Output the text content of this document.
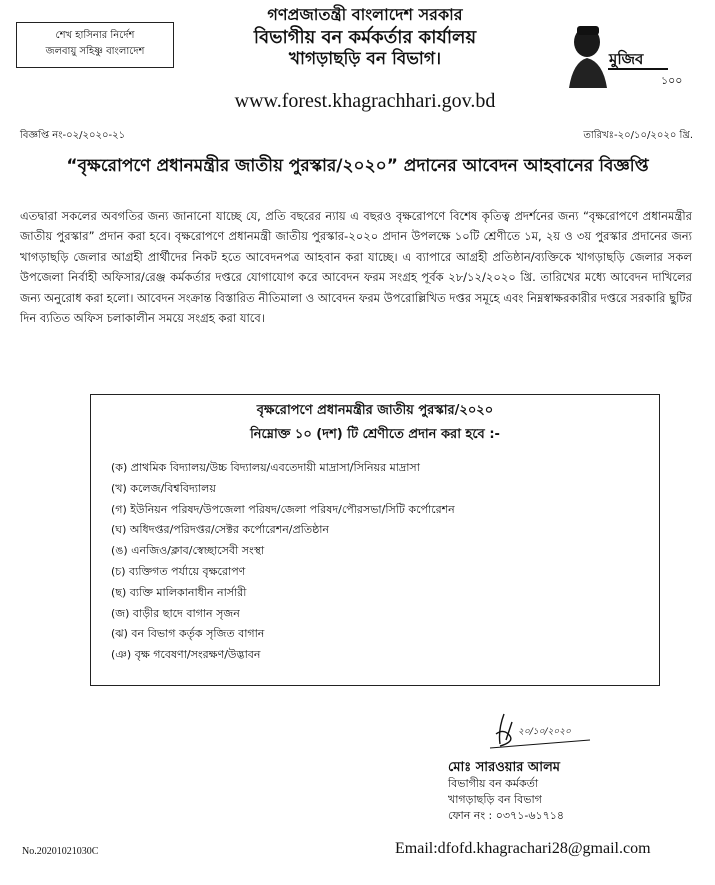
শেখ হাসিনার নির্দেশ
জলবায়ু সহিষ্ণু বাংলাদেশ
গণপ্রজাতন্ত্রী বাংলাদেশ সরকার
বিভাগীয় বন কর্মকর্তার কার্যালয়
খাগড়াছড়ি বন বিভাগ।
www.forest.khagrachhari.gov.bd
মুজিব
১০০
বিজ্ঞপ্তি নং-০২/২০২০-২১	তারিখঃ-২০/১০/২০২০ খ্রি.
“বৃক্ষরোপণে প্রধানমন্ত্রীর জাতীয় পুরস্কার/২০২০” প্রদানের আবেদন আহবানের বিজ্ঞপ্তি
এতদ্বারা সকলের অবগতির জন্য জানানো যাচ্ছে যে, প্রতি বছরের ন্যায় এ বছরও বৃক্ষরোপণে বিশেষ কৃতিত্ব প্রদর্শনের জন্য “বৃক্ষরোপণে প্রধানমন্ত্রীর জাতীয় পুরস্কার” প্রদান করা হবে। বৃক্ষরোপণে প্রধানমন্ত্রী জাতীয় পুরস্কার-২০২০ প্রদান উপলক্ষে ১০টি শ্রেণীতে ১ম, ২য় ও ৩য় পুরস্কার প্রদানের জন্য খাগড়াছড়ি জেলার আগ্রহী প্রার্থীদের নিকট হতে আবেদনপত্র আহবান করা যাচ্ছে। এ ব্যাপারে আগ্রহী প্রতিষ্ঠান/ব্যক্তিকে খাগড়াছড়ি জেলার সকল উপজেলা নির্বাহী অফিসার/রেঞ্জ কর্মকর্তার দপ্তরে যোগাযোগ করে আবেদন ফরম সংগ্রহ পূর্বক ২৮/১২/২০২০ খ্রি. তারিখের মধ্যে আবেদন দাখিলের জন্য অনুরোধ করা হলো। আবেদন সংক্রান্ত বিস্তারিত নীতিমালা ও আবেদন ফরম উপরোল্লিখিত দপ্তর সমূহে এবং নিম্নস্বাক্ষরকারীর দপ্তরে সরকারি ছুটির দিন ব্যতিত অফিস চলাকালীন সময়ে সংগ্রহ করা যাবে।
বৃক্ষরোপণে প্রধানমন্ত্রীর জাতীয় পুরস্কার/২০২০
নিম্নোক্ত ১০ (দশ) টি শ্রেণীতে প্রদান করা হবে :-
(ক) প্রাথমিক বিদ্যালয়/উচ্চ বিদ্যালয়/এবতেদায়ী মাদ্রাসা/সিনিয়র মাদ্রাসা
(খ) কলেজ/বিশ্ববিদ্যালয়
(গ) ইউনিয়ন পরিষদ/উপজেলা পরিষদ/জেলা পরিষদ/পৌরসভা/সিটি কর্পোরেশন
(ঘ) অধিদপ্তর/পরিদপ্তর/সেক্টর কর্পোরেশন/প্রতিষ্ঠান
(ঙ) এনজিও/ক্লাব/স্বেচ্ছাসেবী সংস্থা
(চ) ব্যক্তিগত পর্যায়ে বৃক্ষরোপণ
(ছ) ব্যক্তি মালিকানাধীন নার্সারী
(জ) বাড়ীর ছাদে বাগান সৃজন
(ঝ) বন বিভাগ কর্তৃক সৃজিত বাগান
(ঞ) বৃক্ষ গবেষণা/সংরক্ষণ/উদ্ভাবন
২০/১০/২০২০
মোঃ সারওয়ার আলম
বিভাগীয় বন কর্মকর্তা
খাগড়াছড়ি বন বিভাগ
ফোন নং : ০৩৭১-৬১৭১৪
No.20201021030C	Email:dfofd.khagrachari28@gmail.com
